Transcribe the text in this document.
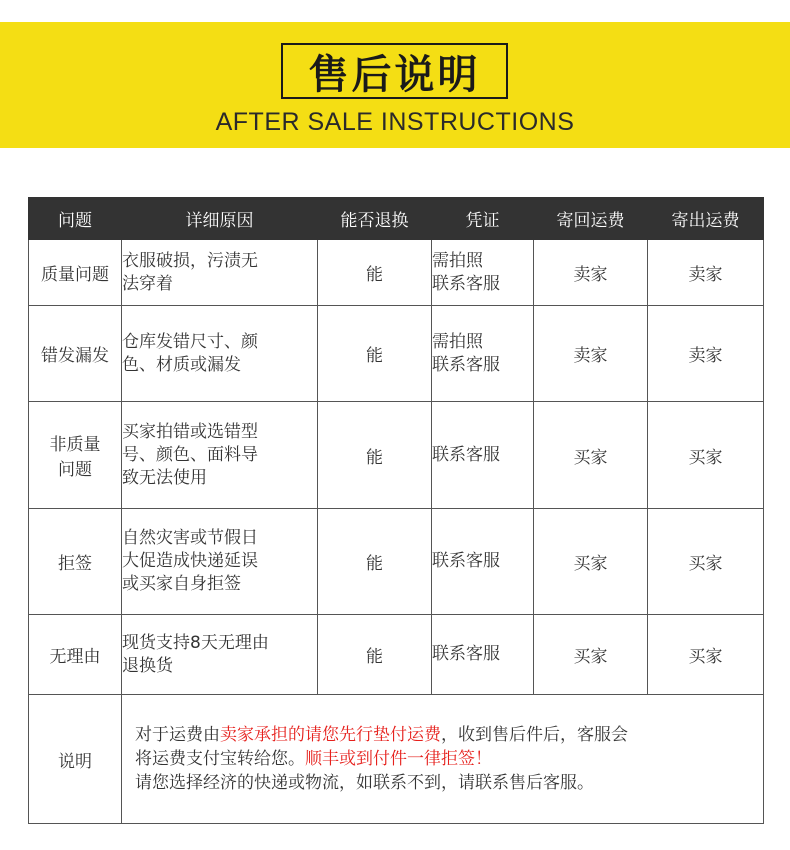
售后说明
AFTER SALE INSTRUCTIONS
问题	详细原因	能否退换	凭证	寄回运费	寄出运费

质量问题	衣服破损，污渍无
法穿着	能	需拍照
联系客服	卖家	卖家

错发漏发	仓库发错尺寸、颜
色、材质或漏发	能	需拍照
联系客服	卖家	卖家

非质量
问题	买家拍错或选错型
号、颜色、面料导
致无法使用	能	联系客服	买家	买家

拒签	自然灾害或节假日
大促造成快递延误
或买家自身拒签	能	联系客服	买家	买家

无理由	现货支持8天无理由
退换货	能	联系客服	买家	买家
说明	对于运费由卖家承担的请您先行垫付运费，收到售后件后，客服会
将运费支付宝转给您。顺丰或到付件一律拒签！
请您选择经济的快递或物流，如联系不到，请联系售后客服。				
